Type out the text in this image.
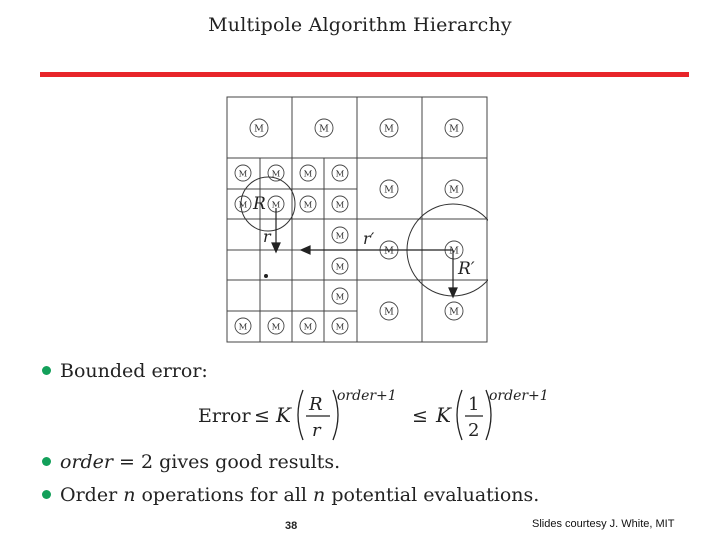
Multipole Algorithm Hierarchy
M	M	M	M
M	M	M	M
M	M	M	M
M
M
M
M	M	M	M
M	M
M	M
M	M
R
r	r′
R′
Bounded error:
Error ≤ K R
r
order+1
≤ K 1
2
order+1
order = 2 gives good results.
Order n operations for all n potential evaluations.
38	Slides courtesy J. White, MIT
